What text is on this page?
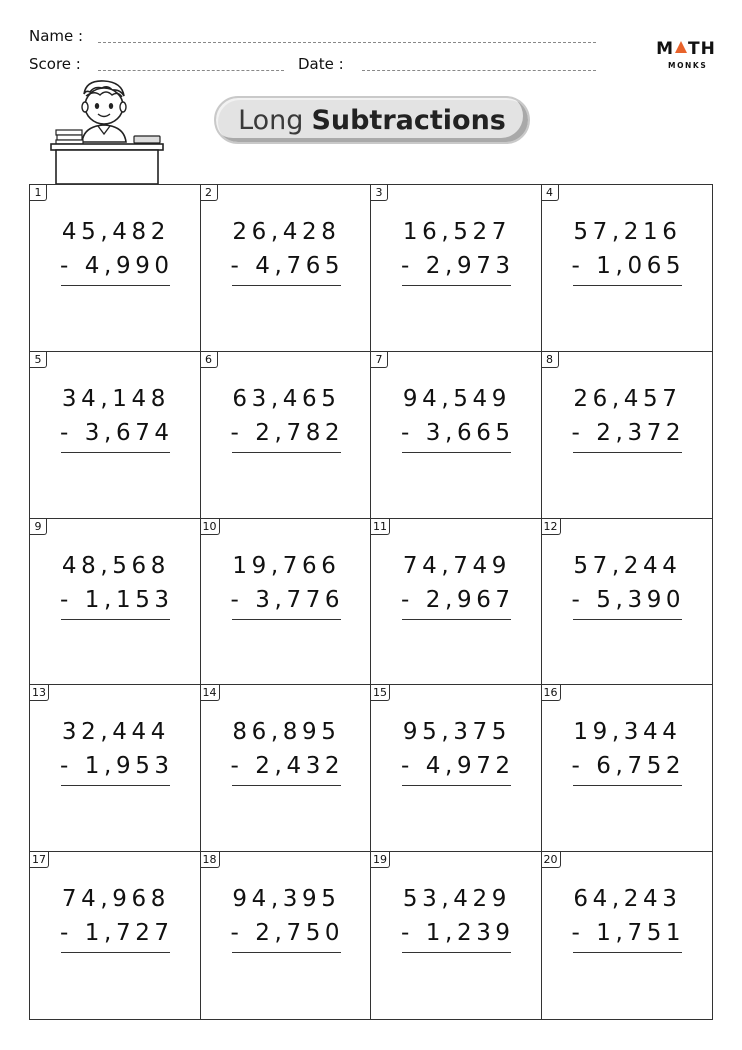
Name :
Score :	Date :
M TH
MONKS
Long Subtractions
1
45,482
- 4,990
2
26,428
- 4,765
3
16,527
- 2,973
4
57,216
- 1,065
5
34,148
- 3,674
6
63,465
- 2,782
7
94,549
- 3,665
8
26,457
- 2,372
9
48,568
- 1,153
10
19,766
- 3,776
11
74,749
- 2,967
12
57,244
- 5,390
13
32,444
- 1,953
14
86,895
- 2,432
15
95,375
- 4,972
16
19,344
- 6,752
17
74,968
- 1,727
18
94,395
- 2,750
19
53,429
- 1,239
20
64,243
- 1,751
